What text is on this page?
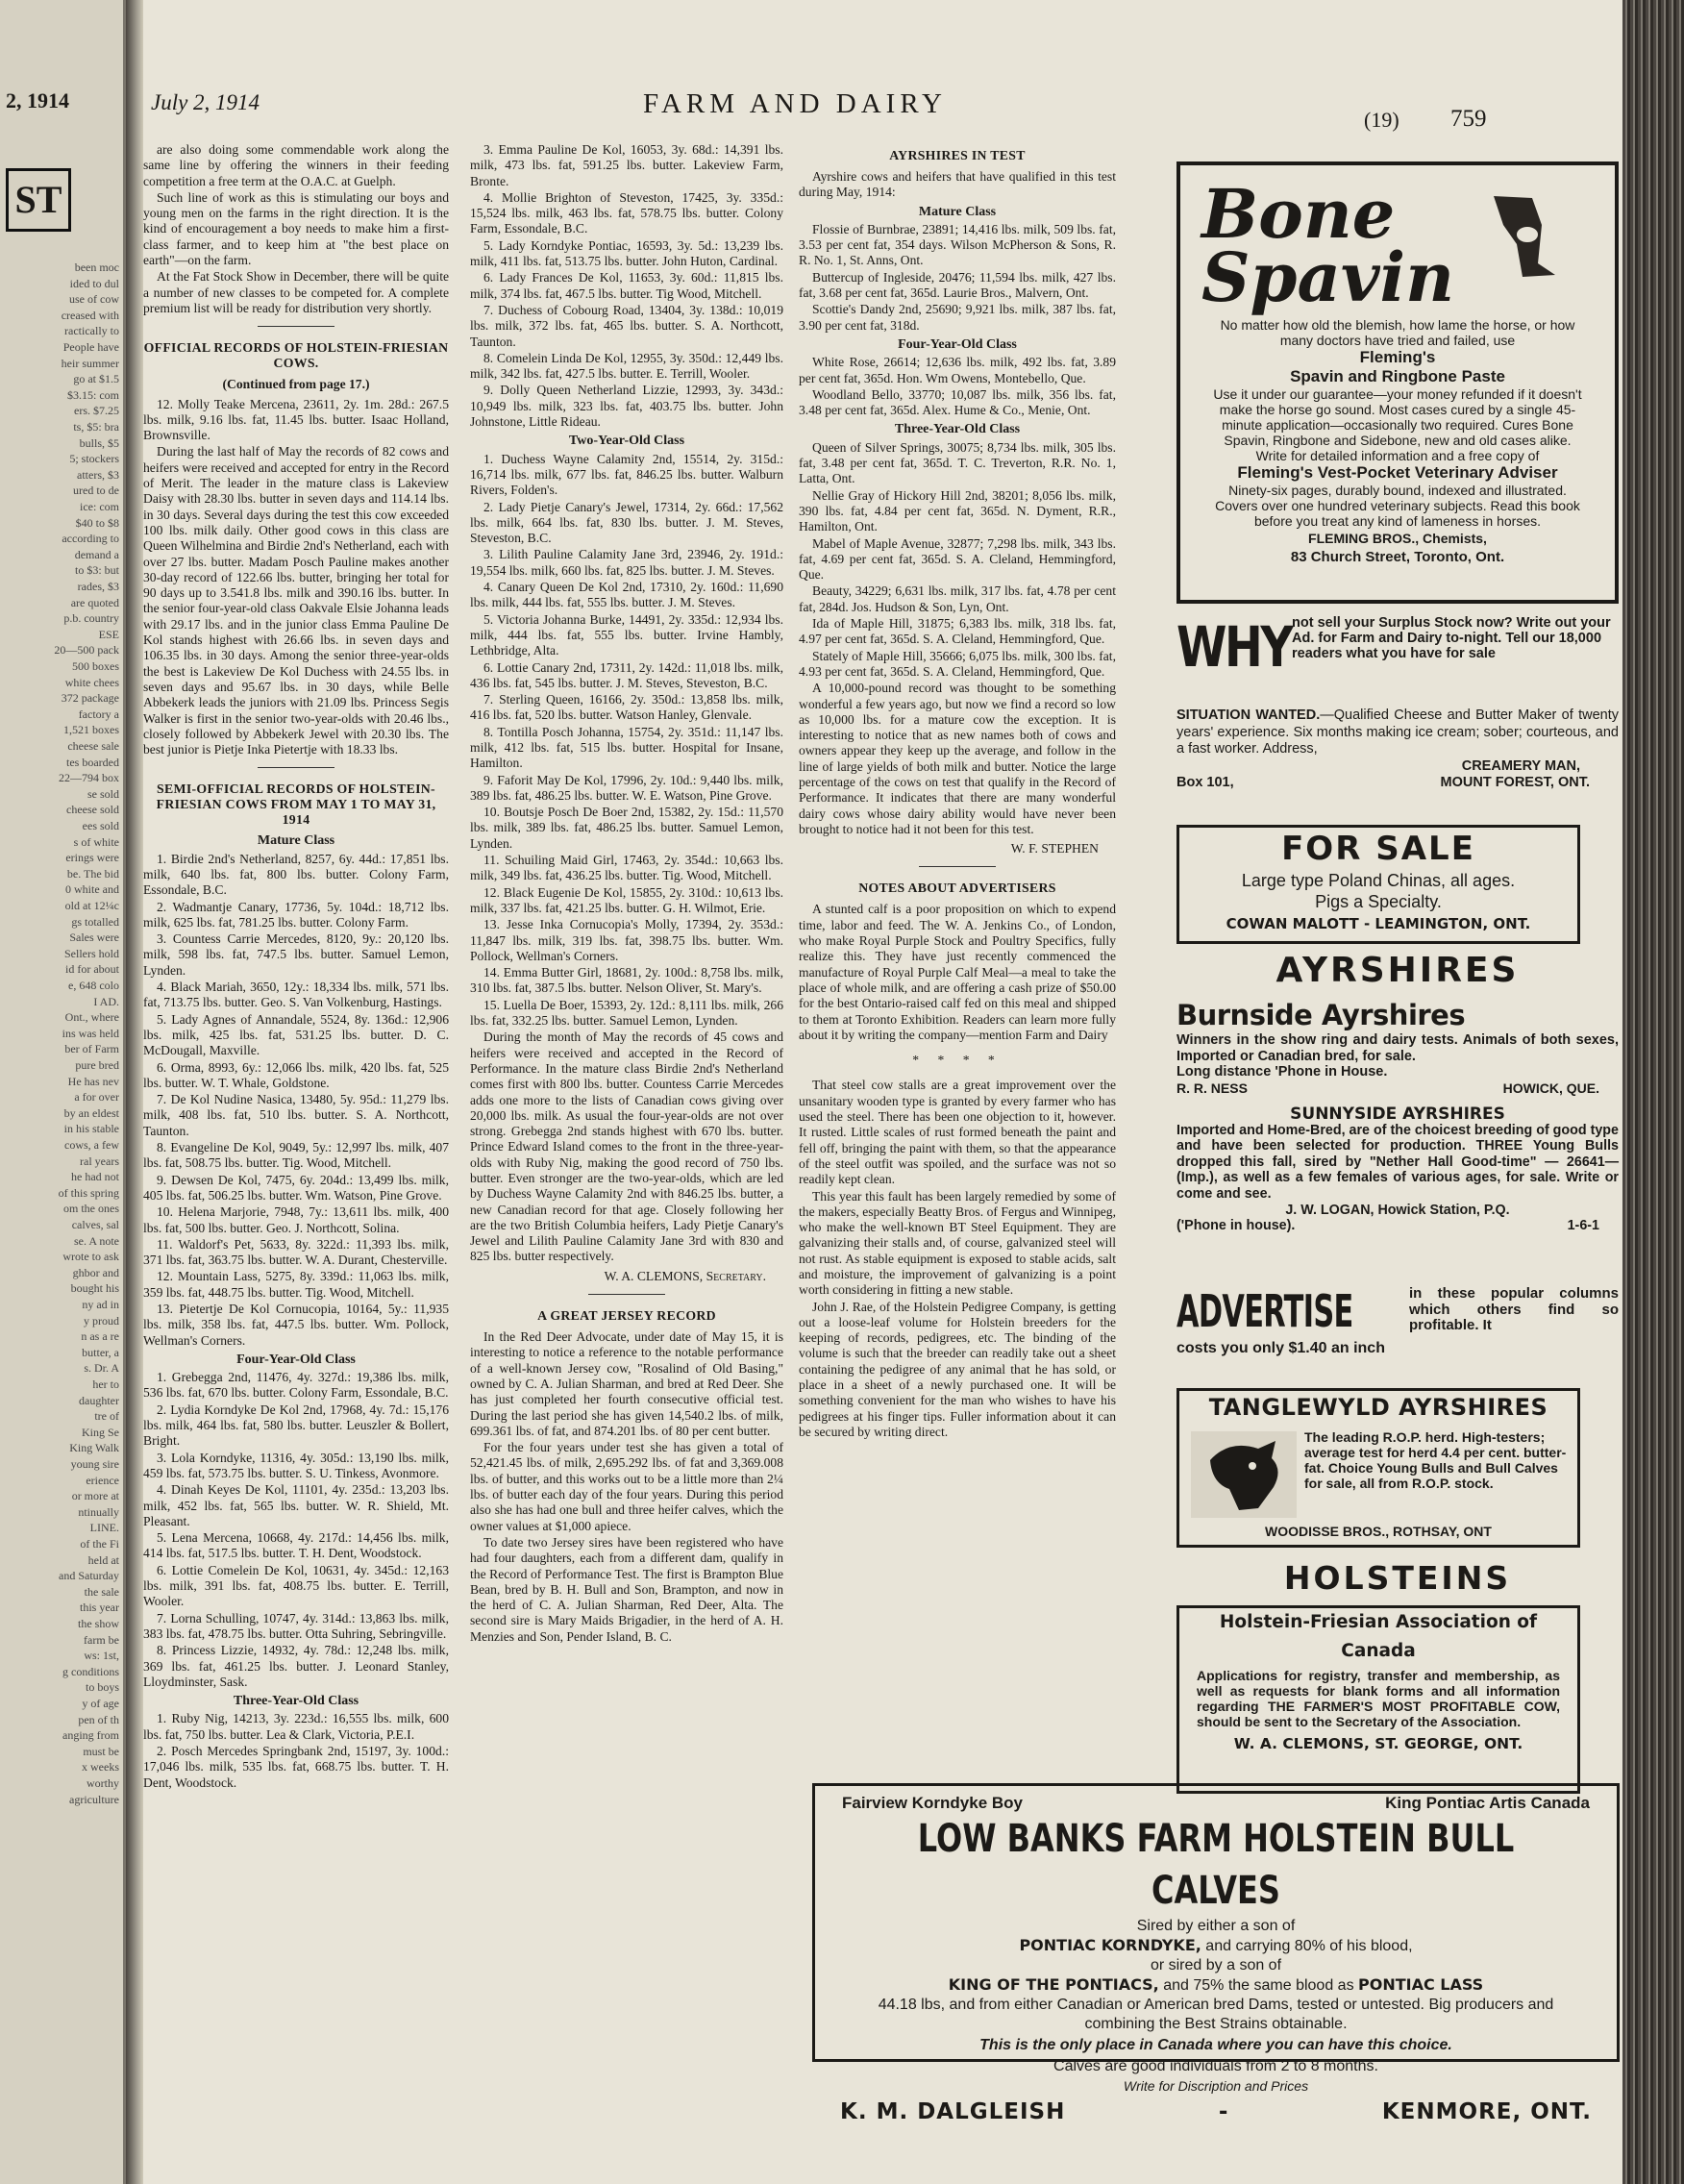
2, 1914
ST
been moc
ided to dul
use of cow
creased with
ractically to
People have
heir summer
go at $1.5
$3.15: com
ers. $7.25
ts, $5: bra
bulls, $5
5; stockers
atters, $3
ured to de
ice: com
$40 to $8
according to
demand a
to $3: but
rades, $3
are quoted
p.b. country
ESE
20—500 pack
500 boxes
white chees
372 package
factory a
1,521 boxes
cheese sale
tes boarded
22—794 box
se sold
cheese sold
ees sold
s of white
erings were
be. The bid
0 white and
old at 12¼c
gs totalled
Sales were
Sellers hold
id for about
e, 648 colo
I AD.
Ont., where
ins was held
ber of Farm
pure bred
He has nev
a for over
by an eldest
in his stable
cows, a few
ral years
he had not
of this spring
om the ones
calves, sal
se. A note
wrote to ask
ghbor and
bought his
ny ad in
y proud
n as a re
butter, a
s. Dr. A
her to
daughter
tre of
King Se
King Walk
young sire
erience
or more at
ntinually
LINE.
of the Fi
held at
and Saturday
the sale
this year
the show
farm be
ws: 1st,
g conditions
to boys
y of age
pen of th
anging from
must be
x weeks
worthy
agriculture
July 2, 1914	FARM AND DAIRY
(19) 759

are also doing some commendable work along the same line by offering the winners in their feeding competition a free term at the O.A.C. at Guelph.

Such line of work as this is stimulating our boys and young men on the farms in the right direction. It is the kind of encouragement a boy needs to make him a first-class farmer, and to keep him at "the best place on earth"—on the farm.

At the Fat Stock Show in December, there will be quite a number of new classes to be competed for. A complete premium list will be ready for distribution very shortly.

OFFICIAL RECORDS OF HOLSTEIN-FRIESIAN COWS.

(Continued from page 17.)

12. Molly Teake Mercena, 23611, 2y. 1m. 28d.: 267.5 lbs. milk, 9.16 lbs. fat, 11.45 lbs. butter. Isaac Holland, Brownsville.

During the last half of May the records of 82 cows and heifers were received and accepted for entry in the Record of Merit. The leader in the mature class is Lakeview Daisy with 28.30 lbs. butter in seven days and 114.14 lbs. in 30 days. Several days during the test this cow exceeded 100 lbs. milk daily. Other good cows in this class are Queen Wilhelmina and Birdie 2nd's Netherland, each with over 27 lbs. butter. Madam Posch Pauline makes another 30-day record of 122.66 lbs. butter, bringing her total for 90 days up to 3.541.8 lbs. milk and 390.16 lbs. butter. In the senior four-year-old class Oakvale Elsie Johanna leads with 29.17 lbs. and in the junior class Emma Pauline De Kol stands highest with 26.66 lbs. in seven days and 106.35 lbs. in 30 days. Among the senior three-year-olds the best is Lakeview De Kol Duchess with 24.55 lbs. in seven days and 95.67 lbs. in 30 days, while Belle Abbekerk leads the juniors with 21.09 lbs. Princess Segis Walker is first in the senior two-year-olds with 20.46 lbs., closely followed by Abbekerk Jewel with 20.30 lbs. The best junior is Pietje Inka Pietertje with 18.33 lbs.

SEMI-OFFICIAL RECORDS OF HOLSTEIN-FRIESIAN COWS FROM MAY 1 TO MAY 31, 1914
Mature Class

1. Birdie 2nd's Netherland, 8257, 6y. 44d.: 17,851 lbs. milk, 640 lbs. fat, 800 lbs. butter. Colony Farm, Essondale, B.C.

2. Wadmantje Canary, 17736, 5y. 104d.: 18,712 lbs. milk, 625 lbs. fat, 781.25 lbs. butter. Colony Farm.

3. Countess Carrie Mercedes, 8120, 9y.: 20,120 lbs. milk, 598 lbs. fat, 747.5 lbs. butter. Samuel Lemon, Lynden.

4. Black Mariah, 3650, 12y.: 18,334 lbs. milk, 571 lbs. fat, 713.75 lbs. butter. Geo. S. Van Volkenburg, Hastings.

5. Lady Agnes of Annandale, 5524, 8y. 136d.: 12,906 lbs. milk, 425 lbs. fat, 531.25 lbs. butter. D. C. McDougall, Maxville.

6. Orma, 8993, 6y.: 12,066 lbs. milk, 420 lbs. fat, 525 lbs. butter. W. T. Whale, Goldstone.

7. De Kol Nudine Nasica, 13480, 5y. 95d.: 11,279 lbs. milk, 408 lbs. fat, 510 lbs. butter. S. A. Northcott, Taunton.

8. Evangeline De Kol, 9049, 5y.: 12,997 lbs. milk, 407 lbs. fat, 508.75 lbs. butter. Tig. Wood, Mitchell.

9. Dewsen De Kol, 7475, 6y. 204d.: 13,499 lbs. milk, 405 lbs. fat, 506.25 lbs. butter. Wm. Watson, Pine Grove.

10. Helena Marjorie, 7948, 7y.: 13,611 lbs. milk, 400 lbs. fat, 500 lbs. butter. Geo. J. Northcott, Solina.

11. Waldorf's Pet, 5633, 8y. 322d.: 11,393 lbs. milk, 371 lbs. fat, 363.75 lbs. butter. W. A. Durant, Chesterville.

12. Mountain Lass, 5275, 8y. 339d.: 11,063 lbs. milk, 359 lbs. fat, 448.75 lbs. butter. Tig. Wood, Mitchell.

13. Pietertje De Kol Cornucopia, 10164, 5y.: 11,935 lbs. milk, 358 lbs. fat, 447.5 lbs. butter. Wm. Pollock, Wellman's Corners.

Four-Year-Old Class

1. Grebegga 2nd, 11476, 4y. 327d.: 19,386 lbs. milk, 536 lbs. fat, 670 lbs. butter. Colony Farm, Essondale, B.C.

2. Lydia Korndyke De Kol 2nd, 17968, 4y. 7d.: 15,176 lbs. milk, 464 lbs. fat, 580 lbs. butter. Leuszler & Bollert, Bright.

3. Lola Korndyke, 11316, 4y. 305d.: 13,190 lbs. milk, 459 lbs. fat, 573.75 lbs. butter. S. U. Tinkess, Avonmore.

4. Dinah Keyes De Kol, 11101, 4y. 235d.: 13,203 lbs. milk, 452 lbs. fat, 565 lbs. butter. W. R. Shield, Mt. Pleasant.

5. Lena Mercena, 10668, 4y. 217d.: 14,456 lbs. milk, 414 lbs. fat, 517.5 lbs. butter. T. H. Dent, Woodstock.

6. Lottie Comelein De Kol, 10631, 4y. 345d.: 12,163 lbs. milk, 391 lbs. fat, 408.75 lbs. butter. E. Terrill, Wooler.

7. Lorna Schulling, 10747, 4y. 314d.: 13,863 lbs. milk, 383 lbs. fat, 478.75 lbs. butter. Otta Suhring, Sebringville.

8. Princess Lizzie, 14932, 4y. 78d.: 12,248 lbs. milk, 369 lbs. fat, 461.25 lbs. butter. J. Leonard Stanley, Lloydminster, Sask.

Three-Year-Old Class

1. Ruby Nig, 14213, 3y. 223d.: 16,555 lbs. milk, 600 lbs. fat, 750 lbs. butter. Lea & Clark, Victoria, P.E.I.

2. Posch Mercedes Springbank 2nd, 15197, 3y. 100d.: 17,046 lbs. milk, 535 lbs. fat, 668.75 lbs. butter. T. H. Dent, Woodstock.

3. Emma Pauline De Kol, 16053, 3y. 68d.: 14,391 lbs. milk, 473 lbs. fat, 591.25 lbs. butter. Lakeview Farm, Bronte.

4. Mollie Brighton of Steveston, 17425, 3y. 335d.: 15,524 lbs. milk, 463 lbs. fat, 578.75 lbs. butter. Colony Farm, Essondale, B.C.

5. Lady Korndyke Pontiac, 16593, 3y. 5d.: 13,239 lbs. milk, 411 lbs. fat, 513.75 lbs. butter. John Huton, Cardinal.

6. Lady Frances De Kol, 11653, 3y. 60d.: 11,815 lbs. milk, 374 lbs. fat, 467.5 lbs. butter. Tig Wood, Mitchell.

7. Duchess of Cobourg Road, 13404, 3y. 138d.: 10,019 lbs. milk, 372 lbs. fat, 465 lbs. butter. S. A. Northcott, Taunton.

8. Comelein Linda De Kol, 12955, 3y. 350d.: 12,449 lbs. milk, 342 lbs. fat, 427.5 lbs. butter. E. Terrill, Wooler.

9. Dolly Queen Netherland Lizzie, 12993, 3y. 343d.: 10,949 lbs. milk, 323 lbs. fat, 403.75 lbs. butter. John Johnstone, Little Rideau.

Two-Year-Old Class

1. Duchess Wayne Calamity 2nd, 15514, 2y. 315d.: 16,714 lbs. milk, 677 lbs. fat, 846.25 lbs. butter. Walburn Rivers, Folden's.

2. Lady Pietje Canary's Jewel, 17314, 2y. 66d.: 17,562 lbs. milk, 664 lbs. fat, 830 lbs. butter. J. M. Steves, Steveston, B.C.

3. Lilith Pauline Calamity Jane 3rd, 23946, 2y. 191d.: 19,554 lbs. milk, 660 lbs. fat, 825 lbs. butter. J. M. Steves.

4. Canary Queen De Kol 2nd, 17310, 2y. 160d.: 11,690 lbs. milk, 444 lbs. fat, 555 lbs. butter. J. M. Steves.

5. Victoria Johanna Burke, 14491, 2y. 335d.: 12,934 lbs. milk, 444 lbs. fat, 555 lbs. butter. Irvine Hambly, Lethbridge, Alta.

6. Lottie Canary 2nd, 17311, 2y. 142d.: 11,018 lbs. milk, 436 lbs. fat, 545 lbs. butter. J. M. Steves, Steveston, B.C.

7. Sterling Queen, 16166, 2y. 350d.: 13,858 lbs. milk, 416 lbs. fat, 520 lbs. butter. Watson Hanley, Glenvale.

8. Tontilla Posch Johanna, 15754, 2y. 351d.: 11,147 lbs. milk, 412 lbs. fat, 515 lbs. butter. Hospital for Insane, Hamilton.

9. Faforit May De Kol, 17996, 2y. 10d.: 9,440 lbs. milk, 389 lbs. fat, 486.25 lbs. butter. W. E. Watson, Pine Grove.

10. Boutsje Posch De Boer 2nd, 15382, 2y. 15d.: 11,570 lbs. milk, 389 lbs. fat, 486.25 lbs. butter. Samuel Lemon, Lynden.

11. Schuiling Maid Girl, 17463, 2y. 354d.: 10,663 lbs. milk, 349 lbs. fat, 436.25 lbs. butter. Tig. Wood, Mitchell.

12. Black Eugenie De Kol, 15855, 2y. 310d.: 10,613 lbs. milk, 337 lbs. fat, 421.25 lbs. butter. G. H. Wilmot, Erie.

13. Jesse Inka Cornucopia's Molly, 17394, 2y. 353d.: 11,847 lbs. milk, 319 lbs. fat, 398.75 lbs. butter. Wm. Pollock, Wellman's Corners.

14. Emma Butter Girl, 18681, 2y. 100d.: 8,758 lbs. milk, 310 lbs. fat, 387.5 lbs. butter. Nelson Oliver, St. Mary's.

15. Luella De Boer, 15393, 2y. 12d.: 8,111 lbs. milk, 266 lbs. fat, 332.25 lbs. butter. Samuel Lemon, Lynden.

During the month of May the records of 45 cows and heifers were received and accepted in the Record of Performance. In the mature class Birdie 2nd's Netherland comes first with 800 lbs. butter. Countess Carrie Mercedes adds one more to the lists of Canadian cows giving over 20,000 lbs. milk. As usual the four-year-olds are not over strong. Grebegga 2nd stands highest with 670 lbs. butter. Prince Edward Island comes to the front in the three-year-olds with Ruby Nig, making the good record of 750 lbs. butter. Even stronger are the two-year-olds, which are led by Duchess Wayne Calamity 2nd with 846.25 lbs. butter, a new Canadian record for that age. Closely following her are the two British Columbia heifers, Lady Pietje Canary's Jewel and Lilith Pauline Calamity Jane 3rd with 830 and 825 lbs. butter respectively.

W. A. CLEMONS, Secretary.

A GREAT JERSEY RECORD

In the Red Deer Advocate, under date of May 15, it is interesting to notice a reference to the notable performance of a well-known Jersey cow, "Rosalind of Old Basing," owned by C. A. Julian Sharman, and bred at Red Deer. She has just completed her fourth consecutive official test. During the last period she has given 14,540.2 lbs. of milk, 699.361 lbs. of fat, and 874.201 lbs. of 80 per cent butter.

For the four years under test she has given a total of 52,421.45 lbs. of milk, 2,695.292 lbs. of fat and 3,369.008 lbs. of butter, and this works out to be a little more than 2¼ lbs. of butter each day of the four years. During this period also she has had one bull and three heifer calves, which the owner values at $1,000 apiece.

To date two Jersey sires have been registered who have had four daughters, each from a different dam, qualify in the Record of Performance Test. The first is Brampton Blue Bean, bred by B. H. Bull and Son, Brampton, and now in the herd of C. A. Julian Sharman, Red Deer, Alta. The second sire is Mary Maids Brigadier, in the herd of A. H. Menzies and Son, Pender Island, B. C.

AYRSHIRES IN TEST

Ayrshire cows and heifers that have qualified in this test during May, 1914:

Mature Class

Flossie of Burnbrae, 23891; 14,416 lbs. milk, 509 lbs. fat, 3.53 per cent fat, 354 days. Wilson McPherson & Sons, R. R. No. 1, St. Anns, Ont.

Buttercup of Ingleside, 20476; 11,594 lbs. milk, 427 lbs. fat, 3.68 per cent fat, 365d. Laurie Bros., Malvern, Ont.

Scottie's Dandy 2nd, 25690; 9,921 lbs. milk, 387 lbs. fat, 3.90 per cent fat, 318d.

Four-Year-Old Class

White Rose, 26614; 12,636 lbs. milk, 492 lbs. fat, 3.89 per cent fat, 365d. Hon. Wm Owens, Montebello, Que.

Woodland Bello, 33770; 10,087 lbs. milk, 356 lbs. fat, 3.48 per cent fat, 365d. Alex. Hume & Co., Menie, Ont.

Three-Year-Old Class

Queen of Silver Springs, 30075; 8,734 lbs. milk, 305 lbs. fat, 3.48 per cent fat, 365d. T. C. Treverton, R.R. No. 1, Latta, Ont.

Nellie Gray of Hickory Hill 2nd, 38201; 8,056 lbs. milk, 390 lbs. fat, 4.84 per cent fat, 365d. N. Dyment, R.R., Hamilton, Ont.

Mabel of Maple Avenue, 32877; 7,298 lbs. milk, 343 lbs. fat, 4.69 per cent fat, 365d. S. A. Cleland, Hemmingford, Que.

Beauty, 34229; 6,631 lbs. milk, 317 lbs. fat, 4.78 per cent fat, 284d. Jos. Hudson & Son, Lyn, Ont.

Ida of Maple Hill, 31875; 6,383 lbs. milk, 318 lbs. fat, 4.97 per cent fat, 365d. S. A. Cleland, Hemmingford, Que.

Stately of Maple Hill, 35666; 6,075 lbs. milk, 300 lbs. fat, 4.93 per cent fat, 365d. S. A. Cleland, Hemmingford, Que.

A 10,000-pound record was thought to be something wonderful a few years ago, but now we find a record so low as 10,000 lbs. for a mature cow the exception. It is interesting to notice that as new names both of cows and owners appear they keep up the average, and follow in the line of large yields of both milk and butter. Notice the large percentage of the cows on test that qualify in the Record of Performance. It indicates that there are many wonderful dairy cows whose dairy ability would have never been brought to notice had it not been for this test.

W. F. STEPHEN

NOTES ABOUT ADVERTISERS

A stunted calf is a poor proposition on which to expend time, labor and feed. The W. A. Jenkins Co., of London, who make Royal Purple Stock and Poultry Specifics, fully realize this. They have just recently commenced the manufacture of Royal Purple Calf Meal—a meal to take the place of whole milk, and are offering a cash prize of $50.00 for the best Ontario-raised calf fed on this meal and shipped to them at Toronto Exhibition. Readers can learn more fully about it by writing the company—mention Farm and Dairy

* * * *

That steel cow stalls are a great improvement over the unsanitary wooden type is granted by every farmer who has used the steel. There has been one objection to it, however. It rusted. Little scales of rust formed beneath the paint and fell off, bringing the paint with them, so that the appearance of the steel outfit was spoiled, and the surface was not so readily kept clean.

This year this fault has been largely remedied by some of the makers, especially Beatty Bros. of Fergus and Winnipeg, who make the well-known BT Steel Equipment. They are galvanizing their stalls and, of course, galvanized steel will not rust. As stable equipment is exposed to stable acids, salt and moisture, the improvement of galvanizing is a point worth considering in fitting a new stable.

John J. Rae, of the Holstein Pedigree Company, is getting out a loose-leaf volume for Holstein breeders for the keeping of records, pedigrees, etc. The binding of the volume is such that the breeder can readily take out a sheet containing the pedigree of any animal that he has sold, or place in a sheet of a newly purchased one. It will be something convenient for the man who wishes to have his pedigrees at his finger tips. Fuller information about it can be secured by writing direct.

Bone
Spavin
No matter how old the blemish, how lame the horse, or how many doctors have tried and failed, use
Fleming's
Spavin and Ringbone Paste
Use it under our guarantee—your money refunded if it doesn't make the horse go sound. Most cases cured by a single 45-minute application—occasionally two required. Cures Bone Spavin, Ringbone and Sidebone, new and old cases alike. Write for detailed information and a free copy of
Fleming's Vest-Pocket Veterinary Adviser
Ninety-six pages, durably bound, indexed and illustrated. Covers over one hundred veterinary subjects. Read this book before you treat any kind of lameness in horses.
FLEMING BROS., Chemists,
83 Church Street, Toronto, Ont.
WHY not sell your Surplus Stock now? Write out your Ad. for Farm and Dairy to-night. Tell our 18,000 readers what you have for sale
SITUATION WANTED.—Qualified Cheese and Butter Maker of twenty years' experience. Six months making ice cream; sober; courteous, and a fast worker. Address,
CREAMERY MAN,
Box 101,	MOUNT FOREST, ONT.
FOR SALE
Large type Poland Chinas, all ages.
Pigs a Specialty.
COWAN MALOTT - LEAMINGTON, ONT.
AYRSHIRES
Burnside Ayrshires
Winners in the show ring and dairy tests. Animals of both sexes, Imported or Canadian bred, for sale.
Long distance 'Phone in House.
R. R. NESS	HOWICK, QUE.
SUNNYSIDE AYRSHIRES
Imported and Home-Bred, are of the choicest breeding of good type and have been selected for production. THREE Young Bulls dropped this fall, sired by "Nether Hall Good-time" — 26641—(Imp.), as well as a few females of various ages, for sale. Write or come and see.
J. W. LOGAN, Howick Station, P.Q.
('Phone in house).	1-6-1
ADVERTISE	in these popular columns which others find so profitable. It
costs you only $1.40 an inch
TANGLEWYLD AYRSHIRES
The leading R.O.P. herd. High-testers; average test for herd 4.4 per cent. butter-fat. Choice Young Bulls and Bull Calves for sale, all from R.O.P. stock.
WOODISSE BROS., ROTHSAY, ONT
HOLSTEINS
Holstein-Friesian Association of Canada
Applications for registry, transfer and membership, as well as requests for blank forms and all information regarding THE FARMER'S MOST PROFITABLE COW, should be sent to the Secretary of the Association.
W. A. CLEMONS, ST. GEORGE, ONT.
Fairview Korndyke Boy	King Pontiac Artis Canada
LOW BANKS FARM HOLSTEIN BULL CALVES
Sired by either a son of
PONTIAC KORNDYKE, and carrying 80% of his blood,
or sired by a son of
KING OF THE PONTIACS, and 75% the same blood as PONTIAC LASS
44.18 lbs, and from either Canadian or American bred Dams, tested or untested. Big producers and combining the Best Strains obtainable.
This is the only place in Canada where you can have this choice.
Calves are good individuals from 2 to 8 months.
Write for Discription and Prices
K. M. DALGLEISH	-	KENMORE, ONT.
